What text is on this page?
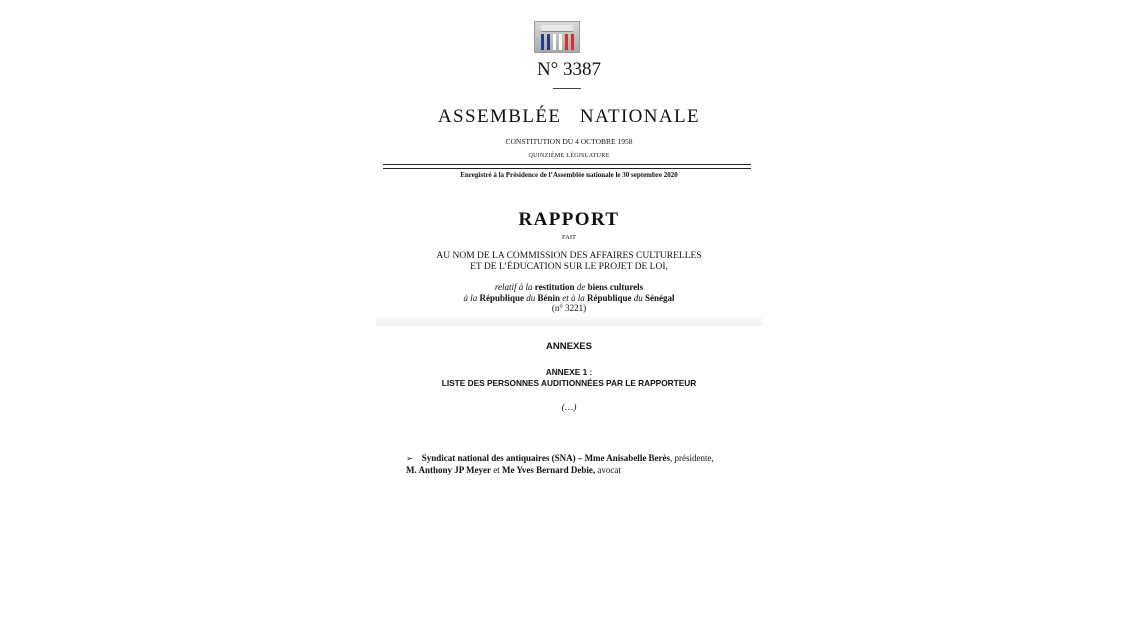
N° 3387
ASSEMBLÉE   NATIONALE
CONSTITUTION DU 4 OCTOBRE 1958
QUINZIÈME LÉGISLATURE
Enregistré à la Présidence de l’Assemblée nationale le 30 septembre 2020
RAPPORT
FAIT
AU NOM DE LA COMMISSION DES AFFAIRES CULTURELLES
ET DE L’ÉDUCATION SUR LE PROJET DE LOI,
relatif à la restitution de biens culturels
à la République du Bénin et à la République du Sénégal
(n° 3221)
ANNEXES
ANNEXE 1 :
LISTE DES PERSONNES AUDITIONNÉES PAR LE RAPPORTEUR
(…)
➢ Syndicat national des antiquaires (SNA) – Mme Anisabelle Berès, présidente,
M. Anthony JP Meyer et Me Yves Bernard Debie, avocat
